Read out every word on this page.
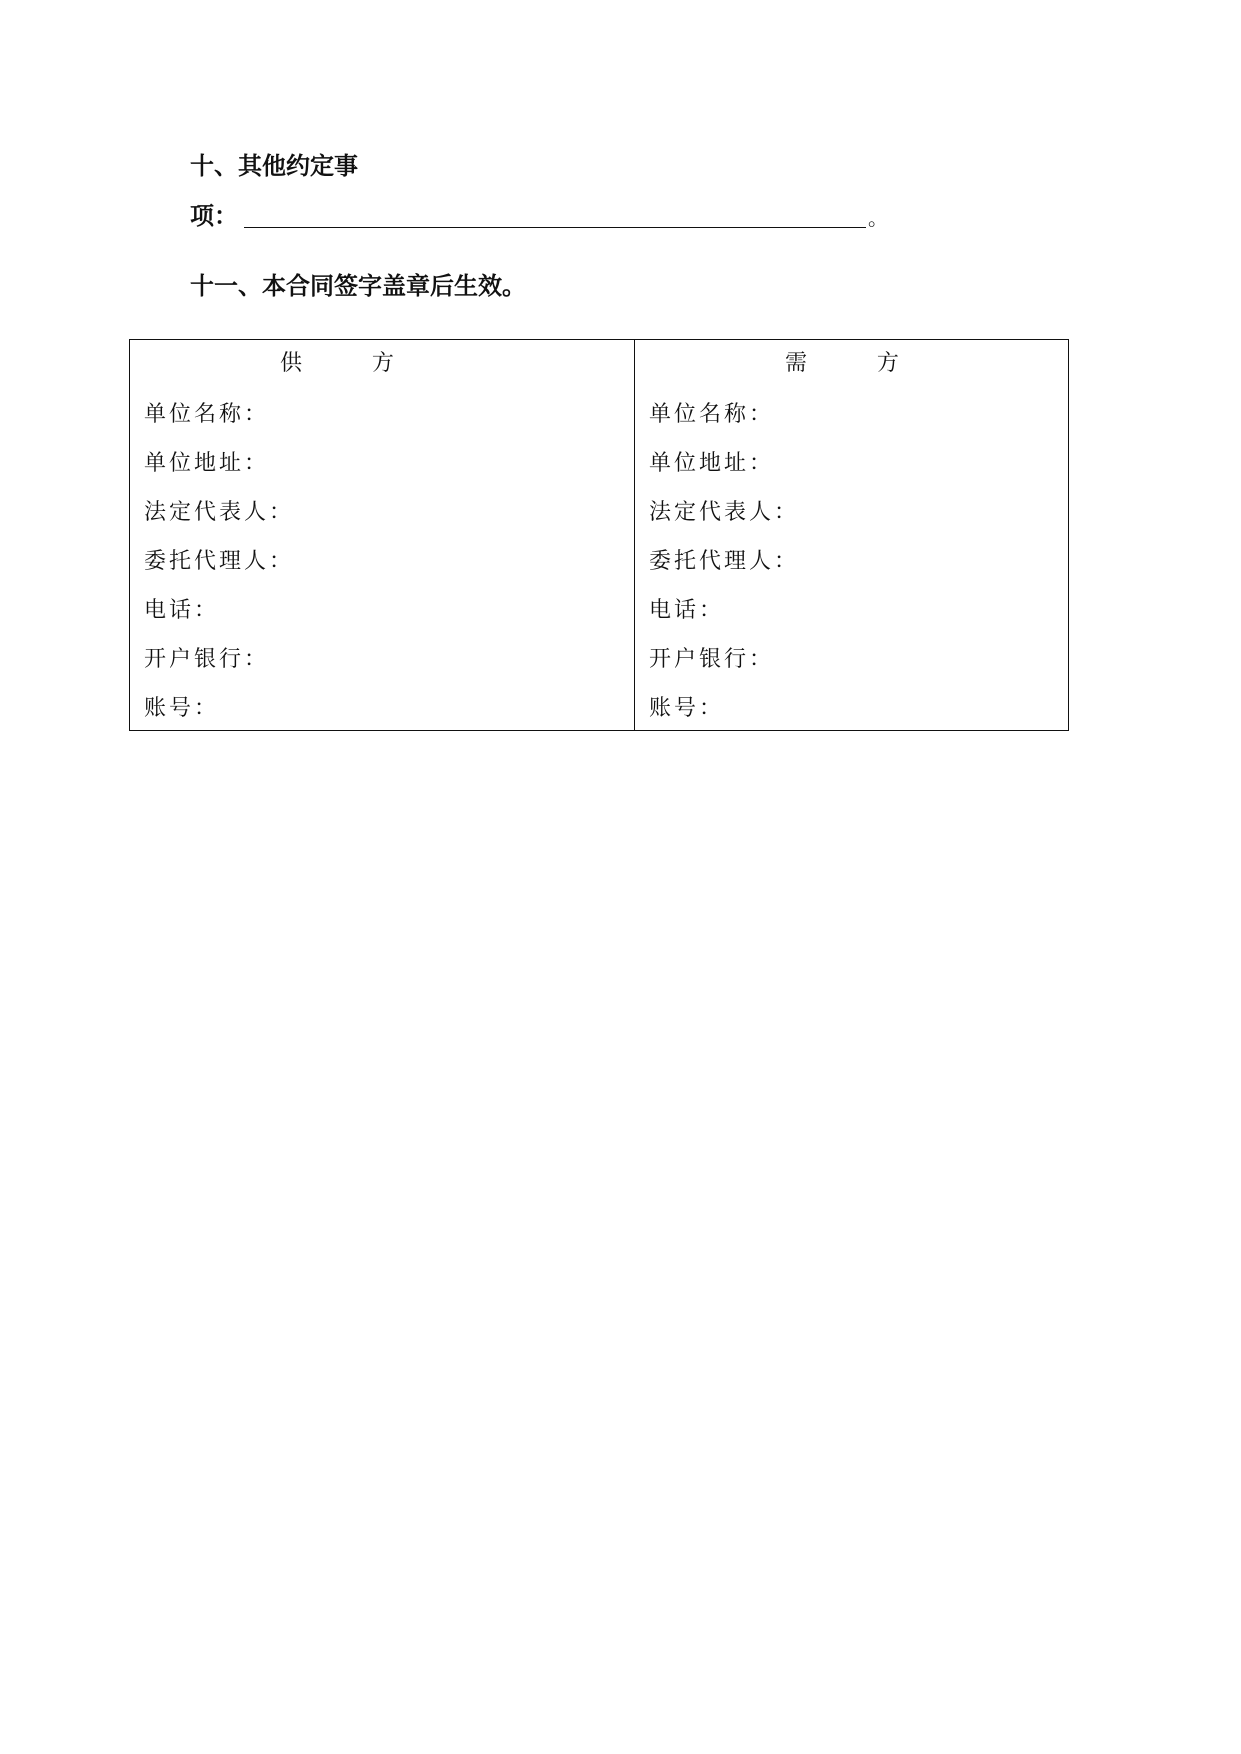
十、其他约定事
项：	。
十一、本合同签字盖章后生效。
供          方
单位名称：
单位地址：
法定代表人：
委托代理人：
电话：
开户银行：
账号：
需          方
单位名称：
单位地址：
法定代表人：
委托代理人：
电话：
开户银行：
账号：
